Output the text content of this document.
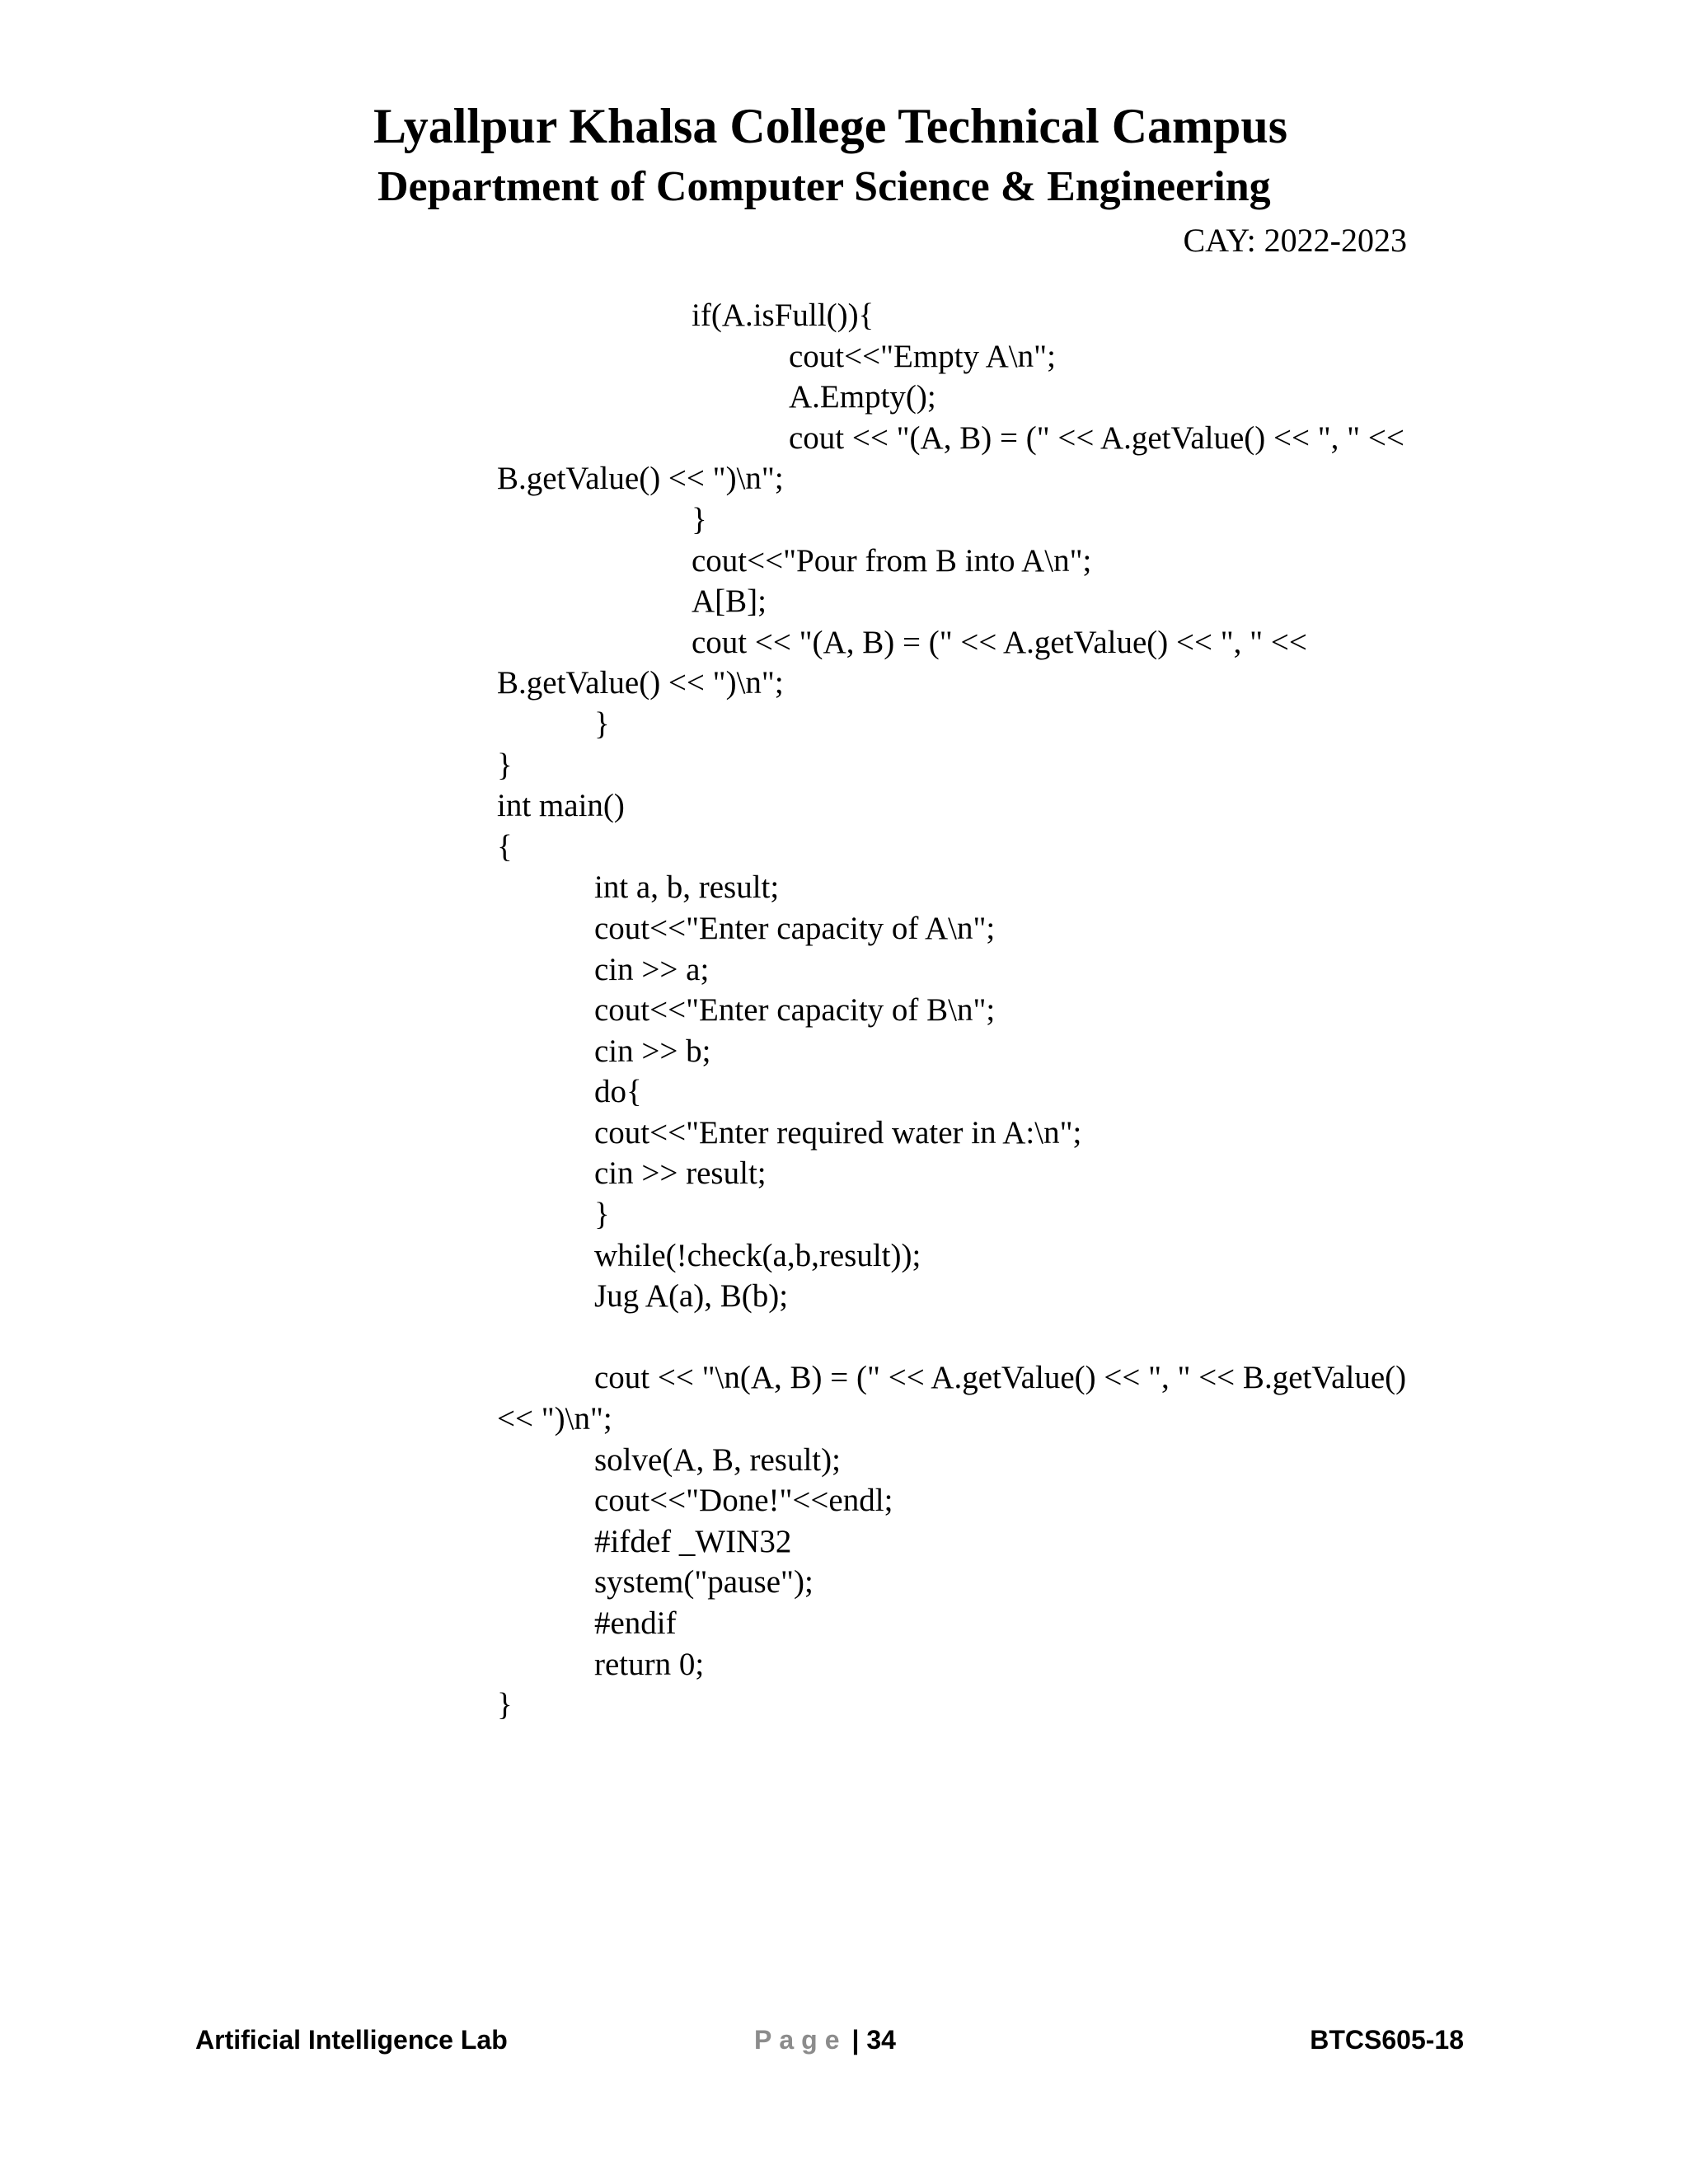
Lyallpur Khalsa College Technical Campus
Department of Computer Science & Engineering
CAY: 2022-2023
if(A.isFull()){
cout<<"Empty A\n";
A.Empty();
cout << "(A, B) = (" << A.getValue() << ", " <<
B.getValue() << ")\n";
}
cout<<"Pour from B into A\n";
A[B];
cout << "(A, B) = (" << A.getValue() << ", " <<
B.getValue() << ")\n";
}
}
int main()
{
int a, b, result;
cout<<"Enter capacity of A\n";
cin >> a;
cout<<"Enter capacity of B\n";
cin >> b;
do{
cout<<"Enter required water in A:\n";
cin >> result;
}
while(!check(a,b,result));
Jug A(a), B(b);
cout << "\n(A, B) = (" << A.getValue() << ", " << B.getValue()
<< ")\n";
solve(A, B, result);
cout<<"Done!"<<endl;
#ifdef _WIN32
system("pause");
#endif
return 0;
}
Artificial Intelligence Lab	Page | 34	BTCS605-18
